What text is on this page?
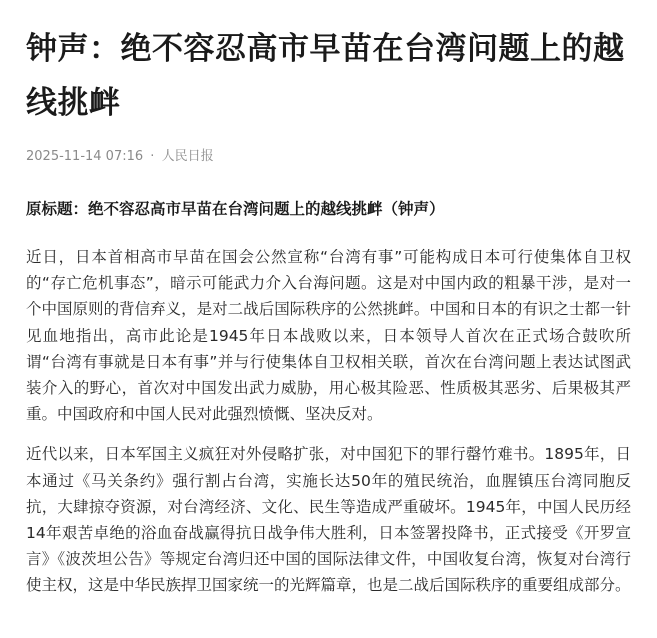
钟声：绝不容忍高市早苗在台湾问题上的越线挑衅
2025-11-14 07:16 · 人民日报
原标题：绝不容忍高市早苗在台湾问题上的越线挑衅（钟声）

近日，日本首相高市早苗在国会公然宣称“台湾有事”可能构成日本可行使集体自卫权的“存亡危机事态”，暗示可能武力介入台海问题。这是对中国内政的粗暴干涉，是对一个中国原则的背信弃义，是对二战后国际秩序的公然挑衅。中国和日本的有识之士都一针见血地指出，高市此论是1945年日本战败以来，日本领导人首次在正式场合鼓吹所谓“台湾有事就是日本有事”并与行使集体自卫权相关联，首次在台湾问题上表达试图武装介入的野心，首次对中国发出武力威胁，用心极其险恶、性质极其恶劣、后果极其严重。中国政府和中国人民对此强烈愤慨、坚决反对。

近代以来，日本军国主义疯狂对外侵略扩张，对中国犯下的罪行罄竹难书。1895年，日本通过《马关条约》强行割占台湾，实施长达50年的殖民统治，血腥镇压台湾同胞反抗，大肆掠夺资源，对台湾经济、文化、民生等造成严重破坏。1945年，中国人民历经14年艰苦卓绝的浴血奋战赢得抗日战争伟大胜利，日本签署投降书，正式接受《开罗宣言》《波茨坦公告》等规定台湾归还中国的国际法律文件，中国收复台湾，恢复对台湾行使主权，这是中华民族捍卫国家统一的光辉篇章，也是二战后国际秩序的重要组成部分。
